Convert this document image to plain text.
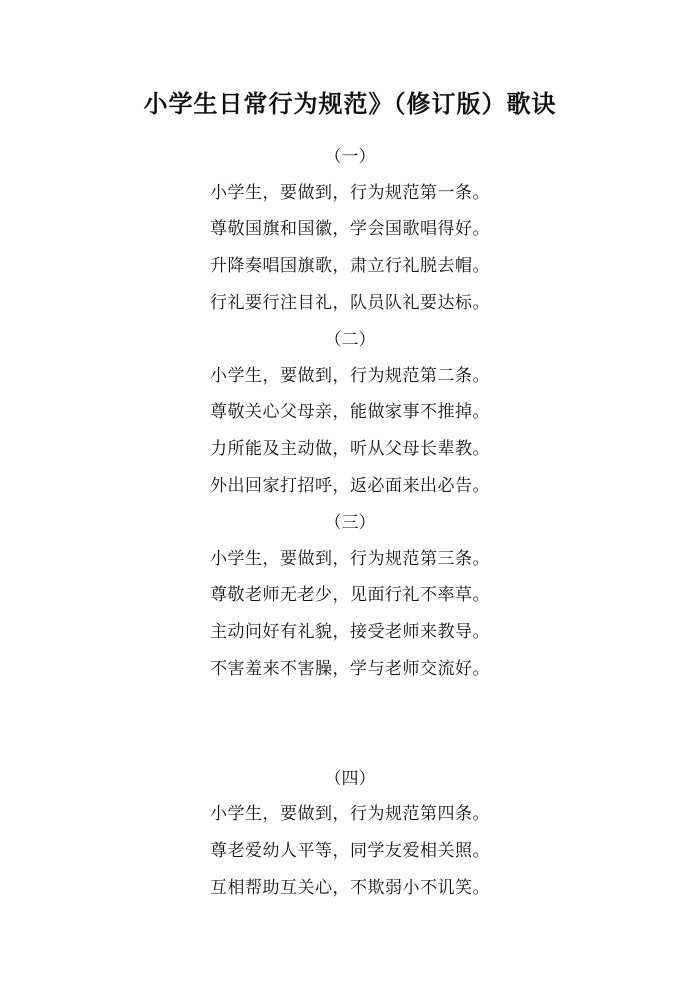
小学生日常行为规范》（修订版）歌诀
（一）
小学生，要做到，行为规范第一条。
尊敬国旗和国徽，学会国歌唱得好。
升降奏唱国旗歌，肃立行礼脱去帽。
行礼要行注目礼，队员队礼要达标。
（二）
小学生，要做到，行为规范第二条。
尊敬关心父母亲，能做家事不推掉。
力所能及主动做，听从父母长辈教。
外出回家打招呼，返必面来出必告。
（三）
小学生，要做到，行为规范第三条。
尊敬老师无老少，见面行礼不率草。
主动问好有礼貌，接受老师来教导。
不害羞来不害臊，学与老师交流好。
（四）
小学生，要做到，行为规范第四条。
尊老爱幼人平等，同学友爱相关照。
互相帮助互关心，不欺弱小不讥笑。
